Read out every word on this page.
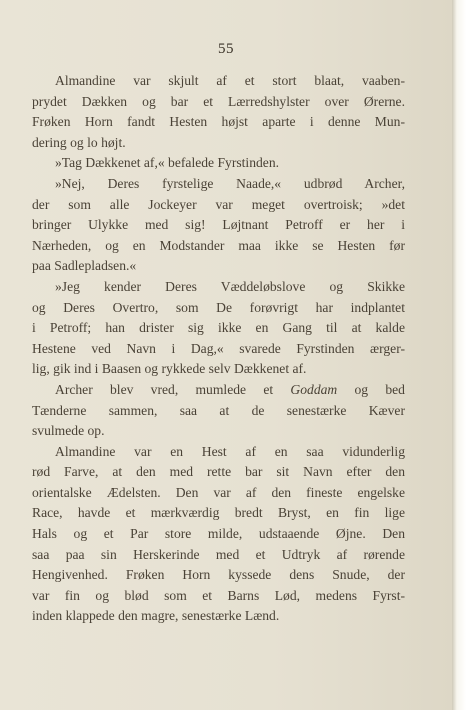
55

Almandine var skjult af et stort blaat, vaaben-
prydet Dækken og bar et Lærredshylster over Ørerne.
Frøken Horn fandt Hesten højst aparte i denne Mun-
dering og lo højt.

»Tag Dækkenet af,« befalede Fyrstinden.

»Nej, Deres fyrstelige Naade,« udbrød Archer,
der som alle Jockeyer var meget overtroisk; »det
bringer Ulykke med sig! Løjtnant Petroff er her i
Nærheden, og en Modstander maa ikke se Hesten før
paa Sadlepladsen.«

»Jeg kender Deres Væddeløbslove og Skikke
og Deres Overtro, som De forøvrigt har indplantet
i Petroff; han drister sig ikke en Gang til at kalde
Hestene ved Navn i Dag,« svarede Fyrstinden ærger-
lig, gik ind i Baasen og rykkede selv Dækkenet af.

Archer blev vred, mumlede et Goddam og bed
Tænderne sammen, saa at de senestærke Kæver
svulmede op.

Almandine var en Hest af en saa vidunderlig
rød Farve, at den med rette bar sit Navn efter den
orientalske Ædelsten. Den var af den fineste engelske
Race, havde et mærkværdig bredt Bryst, en fin lige
Hals og et Par store milde, udstaaende Øjne. Den
saa paa sin Herskerinde med et Udtryk af rørende
Hengivenhed. Frøken Horn kyssede dens Snude, der
var fin og blød som et Barns Lød, medens Fyrst-
inden klappede den magre, senestærke Lænd.
